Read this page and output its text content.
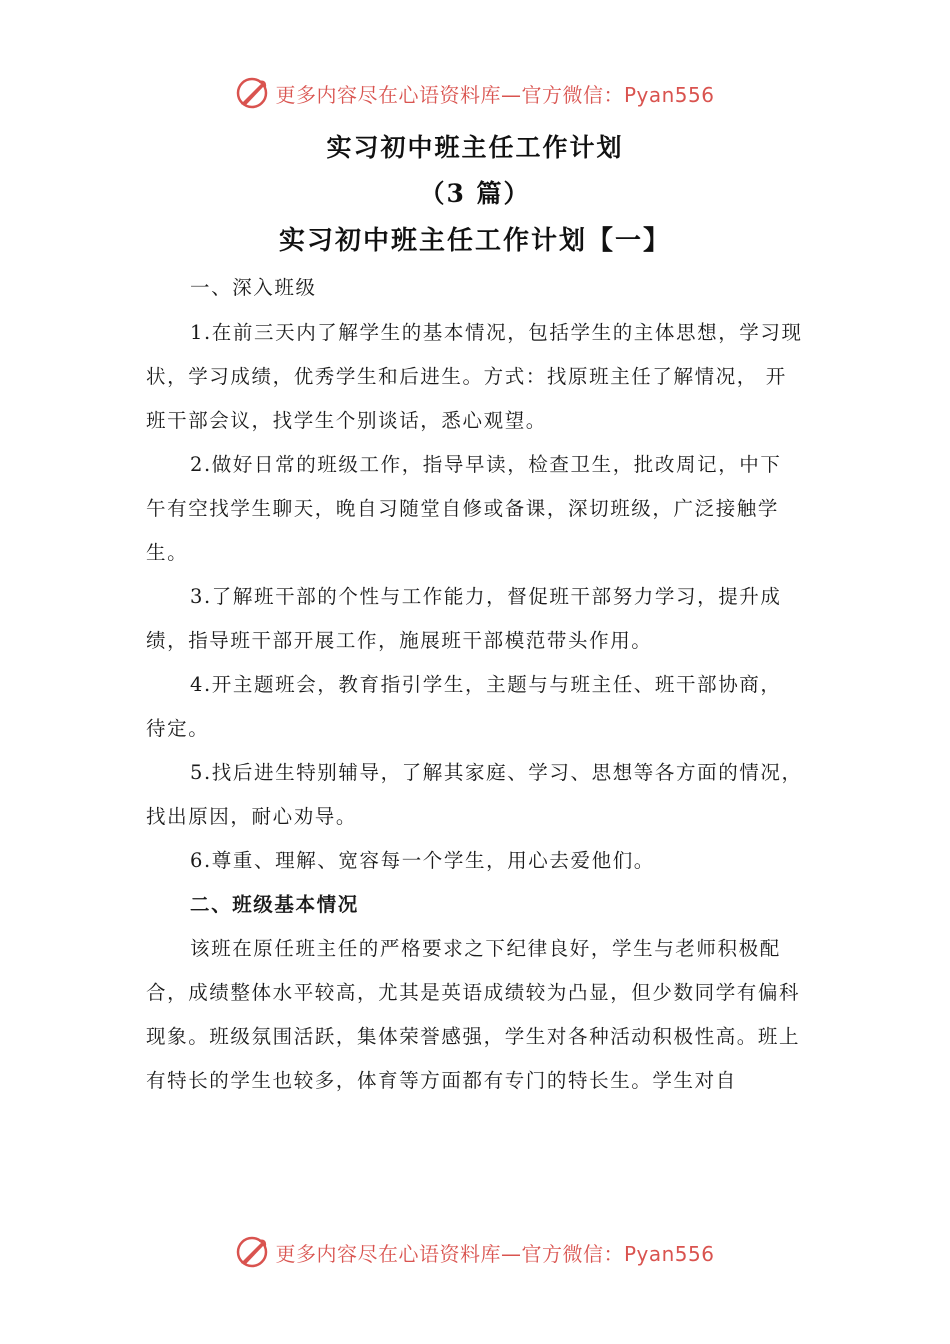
更多内容尽在心语资料库—官方微信：Pyan556
实习初中班主任工作计划
（3 篇）
实习初中班主任工作计划【一】
一、深入班级
1.在前三天内了解学生的基本情况，包括学生的主体思想，学习现
状，学习成绩，优秀学生和后进生。方式：找原班主任了解情况， 开
班干部会议，找学生个别谈话，悉心观望。
2.做好日常的班级工作，指导早读，检查卫生，批改周记，中下
午有空找学生聊天，晚自习随堂自修或备课，深切班级，广泛接触学
生。
3.了解班干部的个性与工作能力，督促班干部努力学习，提升成
绩，指导班干部开展工作，施展班干部模范带头作用。
4.开主题班会，教育指引学生，主题与与班主任、班干部协商，
待定。
5.找后进生特别辅导，了解其家庭、学习、思想等各方面的情况，
找出原因，耐心劝导。
6.尊重、理解、宽容每一个学生，用心去爱他们。
二、班级基本情况
该班在原任班主任的严格要求之下纪律良好，学生与老师积极配
合，成绩整体水平较高，尤其是英语成绩较为凸显，但少数同学有偏科
现象。班级氛围活跃，集体荣誉感强，学生对各种活动积极性高。班上
有特长的学生也较多，体育等方面都有专门的特长生。学生对自
更多内容尽在心语资料库—官方微信：Pyan556
